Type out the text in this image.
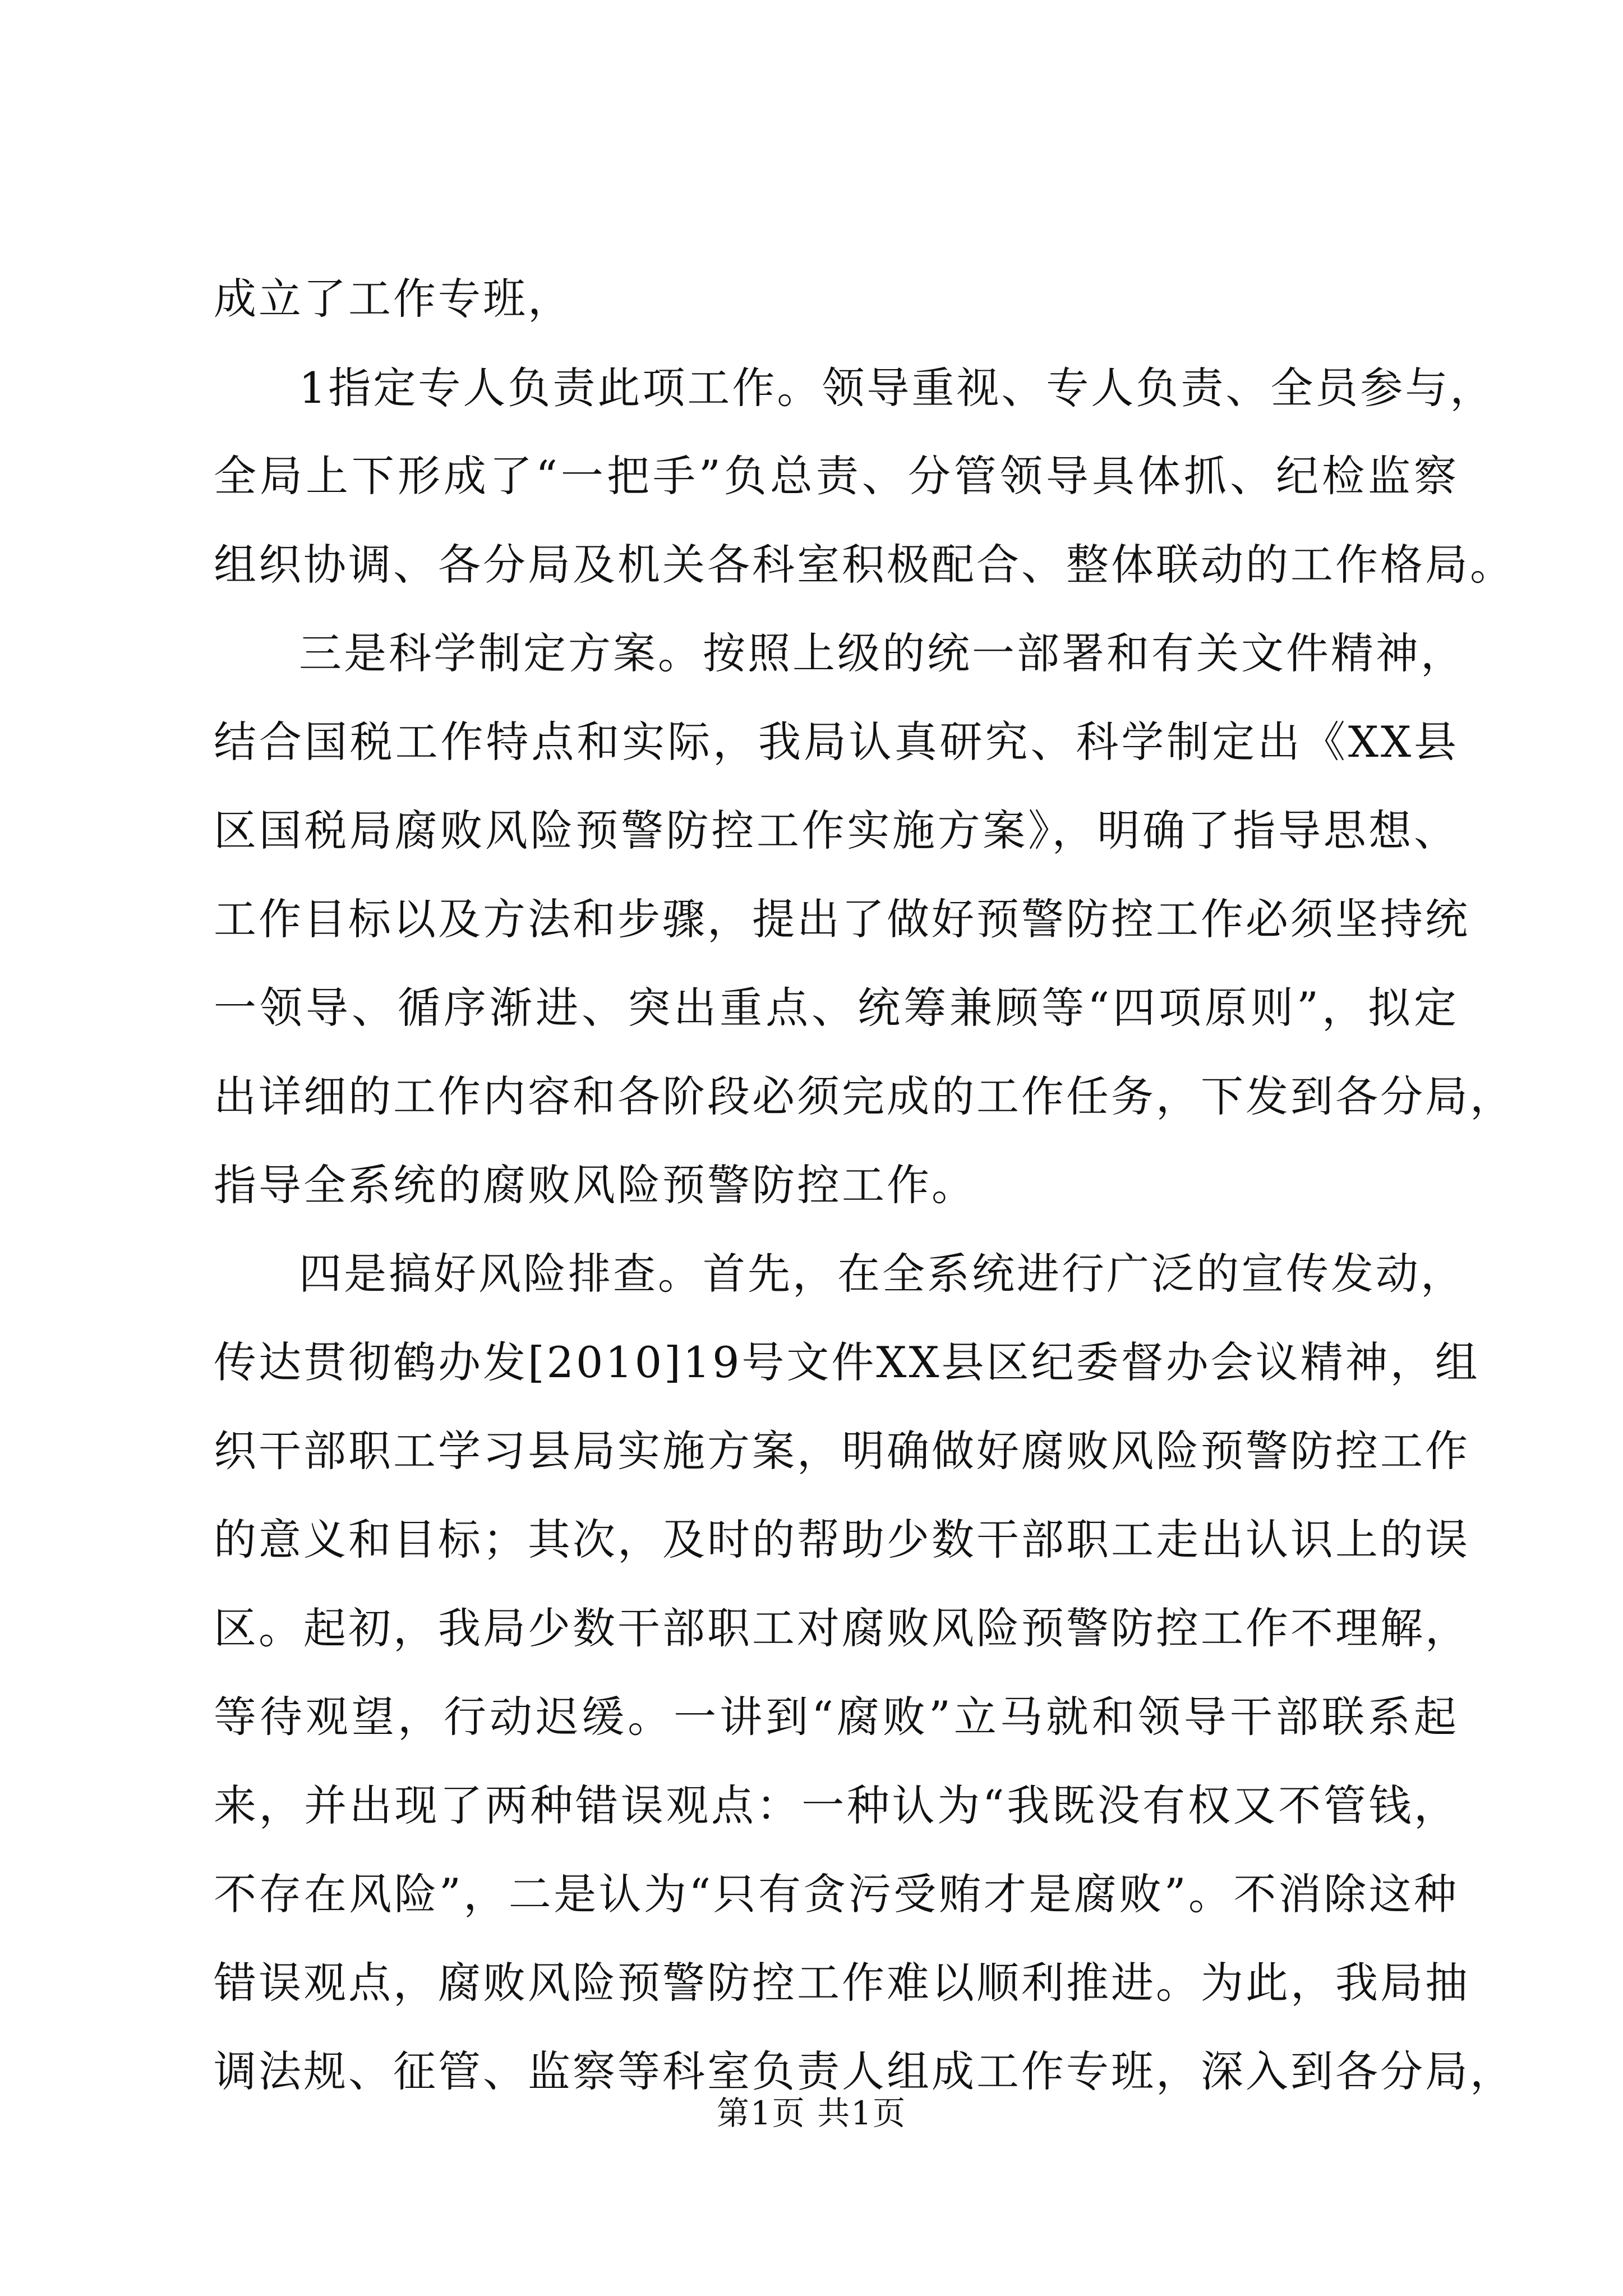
成立了工作专班，
1指定专人负责此项工作。领导重视、专人负责、全员参与，
全局上下形成了“一把手”负总责、分管领导具体抓、纪检监察
组织协调、各分局及机关各科室积极配合、整体联动的工作格局。
三是科学制定方案。按照上级的统一部署和有关文件精神，
结合国税工作特点和实际，我局认真研究、科学制定出《XX县
区国税局腐败风险预警防控工作实施方案》，明确了指导思想、
工作目标以及方法和步骤，提出了做好预警防控工作必须坚持统
一领导、循序渐进、突出重点、统筹兼顾等“四项原则”，拟定
出详细的工作内容和各阶段必须完成的工作任务，下发到各分局，
指导全系统的腐败风险预警防控工作。
四是搞好风险排查。首先，在全系统进行广泛的宣传发动，
传达贯彻鹤办发[2010]19号文件XX县区纪委督办会议精神，组
织干部职工学习县局实施方案，明确做好腐败风险预警防控工作
的意义和目标；其次，及时的帮助少数干部职工走出认识上的误
区。起初，我局少数干部职工对腐败风险预警防控工作不理解，
等待观望，行动迟缓。一讲到“腐败”立马就和领导干部联系起
来，并出现了两种错误观点：一种认为“我既没有权又不管钱，
不存在风险”，二是认为“只有贪污受贿才是腐败”。不消除这种
错误观点，腐败风险预警防控工作难以顺利推进。为此，我局抽
调法规、征管、监察等科室负责人组成工作专班，深入到各分局，
第1页 共1页
